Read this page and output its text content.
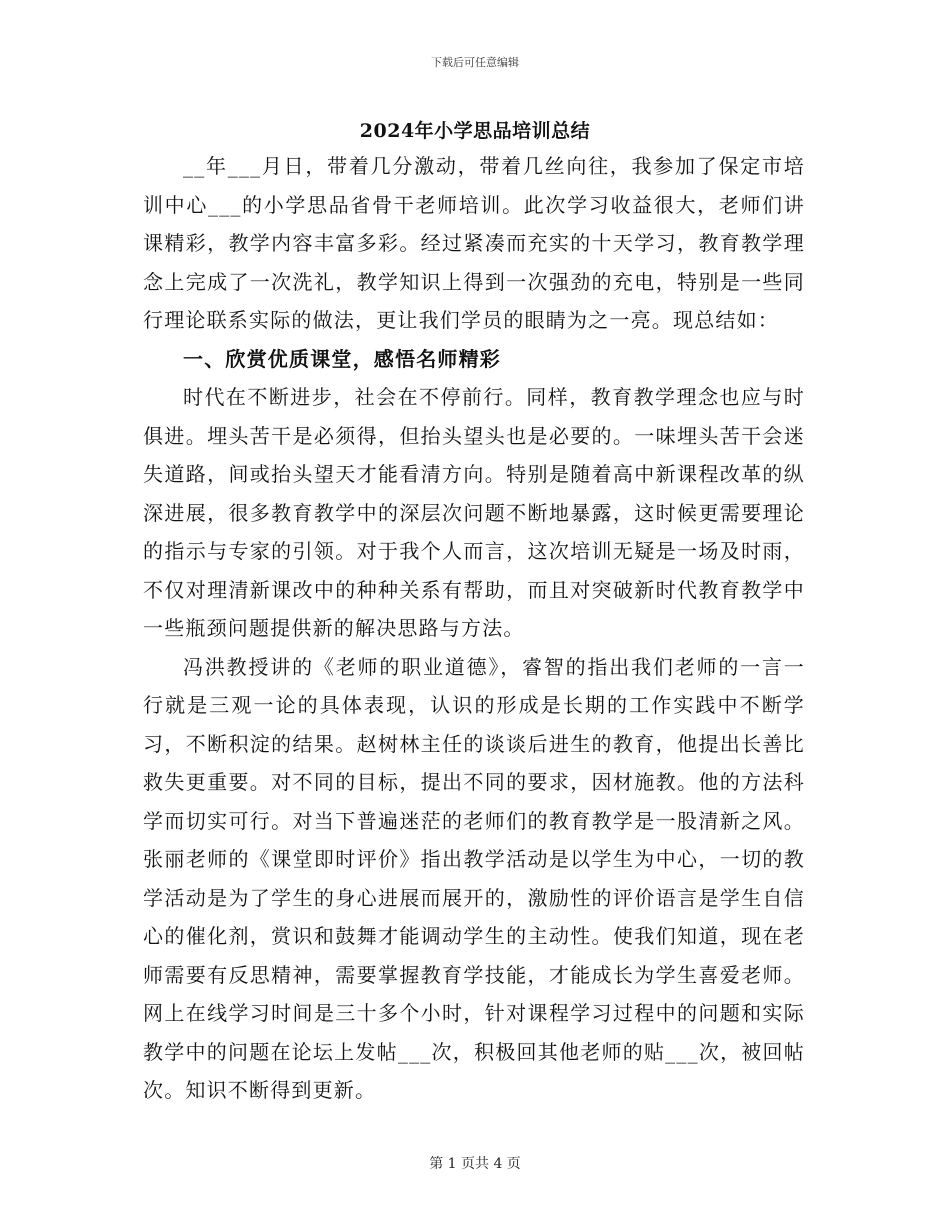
下载后可任意编辑
2024年小学思品培训总结

__年___月日，带着几分激动，带着几丝向往，我参加了保定市培训中心___的小学思品省骨干老师培训。此次学习收益很大，老师们讲课精彩，教学内容丰富多彩。经过紧凑而充实的十天学习，教育教学理念上完成了一次洗礼，教学知识上得到一次强劲的充电，特别是一些同行理论联系实际的做法，更让我们学员的眼睛为之一亮。现总结如：

一、欣赏优质课堂，感悟名师精彩

时代在不断进步，社会在不停前行。同样，教育教学理念也应与时俱进。埋头苦干是必须得，但抬头望头也是必要的。一味埋头苦干会迷失道路，间或抬头望天才能看清方向。特别是随着高中新课程改革的纵深进展，很多教育教学中的深层次问题不断地暴露，这时候更需要理论的指示与专家的引领。对于我个人而言，这次培训无疑是一场及时雨，不仅对理清新课改中的种种关系有帮助，而且对突破新时代教育教学中一些瓶颈问题提供新的解决思路与方法。

冯洪教授讲的《老师的职业道德》，睿智的指出我们老师的一言一行就是三观一论的具体表现，认识的形成是长期的工作实践中不断学习，不断积淀的结果。赵树林主任的谈谈后进生的教育，他提出长善比救失更重要。对不同的目标，提出不同的要求，因材施教。他的方法科学而切实可行。对当下普遍迷茫的老师们的教育教学是一股清新之风。张丽老师的《课堂即时评价》指出教学活动是以学生为中心，一切的教学活动是为了学生的身心进展而展开的，激励性的评价语言是学生自信心的催化剂，赏识和鼓舞才能调动学生的主动性。使我们知道，现在老师需要有反思精神，需要掌握教育学技能，才能成长为学生喜爱老师。网上在线学习时间是三十多个小时，针对课程学习过程中的问题和实际教学中的问题在论坛上发帖___次，积极回其他老师的贴___次，被回帖次。知识不断得到更新。

第 1 页共 4 页
